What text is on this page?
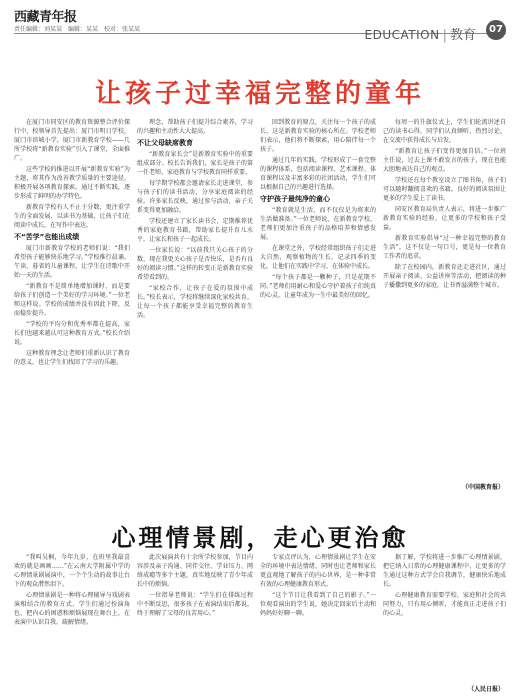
西藏青年报
责任编辑：刘某某　编辑：某某　校对：张某某	EDUCATION | 教育	07
让孩子过幸福完整的童年

在厦门市同安区的教育资源整合评价探行中，校领导首先提出：厦门市明日学校，厦门市滨城小学，厦门市新教育学校——几所学校将“新教育实验”引入了课堂，全面推广。

这些学校的推进以开展“新教育实验”为主题，将其作为改善教学质量的主要途径，积极开展各项教育探索。通过不断实践，逐步形成了鲜明的办学特色。

新教育学校有人不止于分数，更注重学生的全面发展，以读书为基础，让孩子们在阅读中成长，在写作中表达。

不“苦学”也能出成绩

厦门市新教育学校的老师们说：“我们希望孩子能够快乐地学习。”学校推行晨诵、午读、暮省的儿童课程，让学生在诗歌中开始一天的生活。

“新教育不是简单地增加课时，而是要给孩子们创造一个美好的学习环境。”一位老师这样说。学校的成绩并没有因此下降，反而稳步提升。

“学校的平均分和优秀率都在提高，家长们也越来越认可这种教育方式。”校长介绍说。

这种教育理念让老师们重新认识了教育的意义，也让学生们找回了学习的乐趣。

理念，帮助孩子们提升综合素养，学习的兴趣和主动性大大提高。

不让父母缺席教育

“新教育家长会”是新教育实验中的重要组成部分。校长告诉我们，家长是孩子的第一任老师，家庭教育与学校教育同样重要。

每学期学校都会邀请家长走进课堂，参与孩子们的读书活动，分享家庭阅读的经验。许多家长反映，通过参与活动，亲子关系变得更加融洽。

学校还建立了家长读书会，定期推荐优秀的家庭教育书籍，帮助家长提升育儿水平，让家长和孩子一起成长。

一位家长说：“以前我只关心孩子的分数，现在我更关心孩子是否快乐，是否有良好的阅读习惯。”这样的转变正是新教育实验希望看到的。

“家校合作，让孩子在爱的氛围中成长。”校长表示，学校将继续深化家校共育，让每一个孩子都能享受幸福完整的教育生活。

回到教育的原点，关注每一个孩子的成长，这是新教育实验的核心所在。学校老师们表示，他们将不断探索，用心陪伴每一个孩子。

通过几年的实践，学校形成了一套完整的课程体系，包括阅读课程、艺术课程、体育课程以及丰富多彩的社团活动，学生们可以根据自己的兴趣进行选择。

守护孩子最纯净的童心

“教育就是生活，而不仅仅是为将来的生活做准备。”一位老师说，在新教育学校，老师们更加注重孩子的品格培养和情感发展。

在课堂之外，学校经常组织孩子们走进大自然，观察植物的生长，记录四季的变化，让他们在实践中学习，在体验中成长。

“每个孩子都是一颗种子，只是花期不同。”老师们用耐心和爱心守护着孩子们纯真的心灵，让童年成为一生中最美好的回忆。

每周一的升旗仪式上，学生们轮流讲述自己的读书心得，同学们认真倾听，热烈讨论，在交流中获得成长与启发。

“新教育让孩子们变得更加自信。”一位班主任说，过去上课不敢发言的孩子，现在也能大胆地表达自己的观点。

学校还在每个教室设立了图书角，孩子们可以随时翻阅喜欢的书籍。良好的阅读氛围让更多的学生爱上了读书。

同安区教育局负责人表示，将进一步推广新教育实验的经验，让更多的学校和孩子受益。

新教育实验倡导“过一种幸福完整的教育生活”，这不仅是一句口号，更是每一位教育工作者的追求。

除了在校园内，新教育还走进社区，通过开展亲子阅读、公益讲座等活动，把阅读的种子播撒到更多的家庭，让书香溢满整个城市。

（中国教育报）
心理情景剧，走心更治愈

“我叫吴桐，今年九岁，在班里我最喜欢的就是画画……”在云南大学附属中学的心理情景剧展演中，一个个生动的故事让台下的观众潸然泪下。

心理情景剧是一种将心理辅导与戏剧表演相结合的教育方式，学生们通过扮演角色，把内心的困惑和烦恼展现在舞台上，在表演中认识自我、疏解情绪。

此次展演共有十余所学校参加，节目内容涉及亲子沟通、同伴交往、学业压力、网络成瘾等多个主题，真实地反映了青少年成长中的烦恼。

一位指导老师说：“学生们在排练过程中不断反思，很多孩子在表演结束后都说，终于理解了父母的良苦用心。”

专家点评认为，心理情景剧让学生在安全的环境中表达情绪，同时也让老师和家长更直观地了解孩子的内心世界，是一种非常有效的心理健康教育形式。

“这个节目让我看到了自己的影子。”一位观看演出的学生说，她决定回家后主动和妈妈好好聊一聊。

据了解，学校将进一步推广心理情景剧，把它纳入日常的心理健康课程中，让更多的学生通过这种方式学会自我调节，健康快乐地成长。

心理健康教育需要学校、家庭和社会的共同努力，只有用心倾听，才能真正走进孩子们的心灵。

（人民日报）
